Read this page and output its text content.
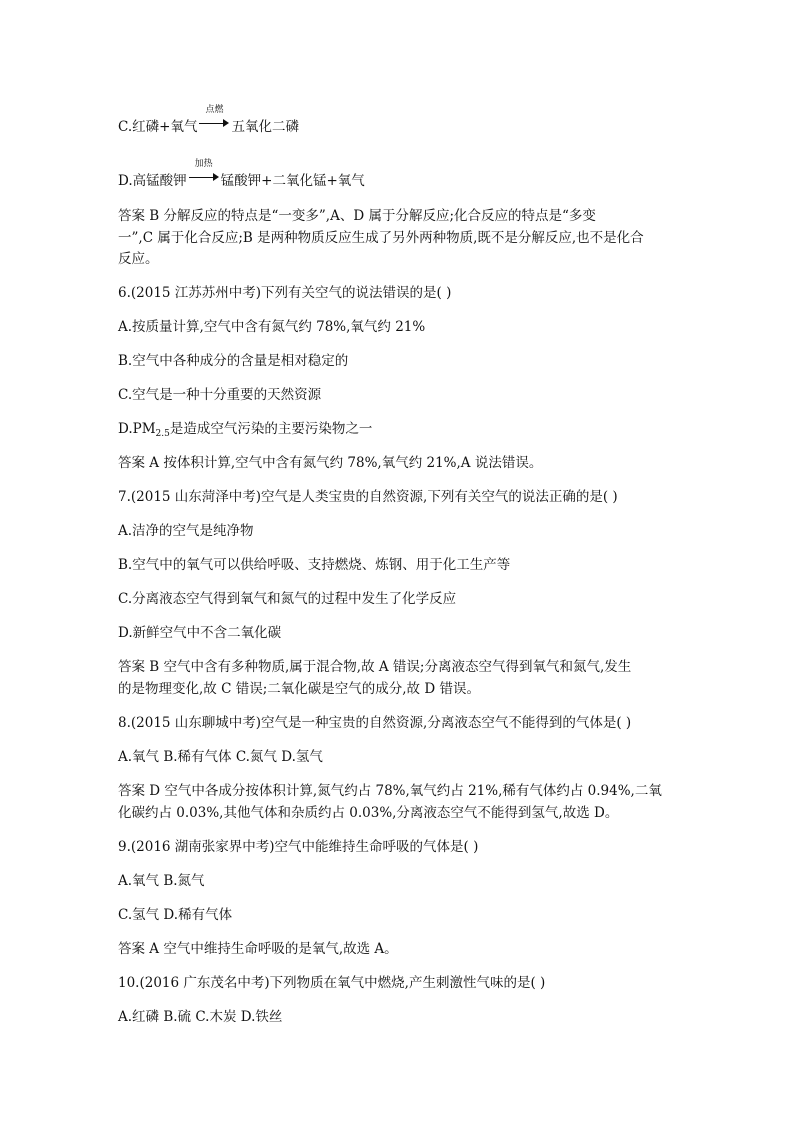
C.红磷+氧气
点燃
五氧化二磷
D.高锰酸钾
加热
锰酸钾+二氧化锰+氧气
答案 B 分解反应的特点是“一变多”,A、D 属于分解反应;化合反应的特点是“多变
一”,C 属于化合反应;B 是两种物质反应生成了另外两种物质,既不是分解反应,也不是化合
反应。
6.(2015 江苏苏州中考)下列有关空气的说法错误的是( )
A.按质量计算,空气中含有氮气约 78%,氧气约 21%
B.空气中各种成分的含量是相对稳定的
C.空气是一种十分重要的天然资源
$D.PM_{2.5}$是造成空气污染的主要污染物之一
答案 A 按体积计算,空气中含有氮气约 78%,氧气约 21%,A 说法错误。
7.(2015 山东菏泽中考)空气是人类宝贵的自然资源,下列有关空气的说法正确的是( )
A.洁净的空气是纯净物
B.空气中的氧气可以供给呼吸、支持燃烧、炼钢、用于化工生产等
C.分离液态空气得到氧气和氮气的过程中发生了化学反应
D.新鲜空气中不含二氧化碳
答案 B 空气中含有多种物质,属于混合物,故 A 错误;分离液态空气得到氧气和氮气,发生
的是物理变化,故 C 错误;二氧化碳是空气的成分,故 D 错误。
8.(2015 山东聊城中考)空气是一种宝贵的自然资源,分离液态空气不能得到的气体是( )
A.氧气 B.稀有气体 C.氮气 D.氢气
答案 D 空气中各成分按体积计算,氮气约占 78%,氧气约占 21%,稀有气体约占 0.94%,二氧
化碳约占 0.03%,其他气体和杂质约占 0.03%,分离液态空气不能得到氢气,故选 D。
9.(2016 湖南张家界中考)空气中能维持生命呼吸的气体是( )
A.氧气 B.氮气
C.氢气 D.稀有气体
答案 A 空气中维持生命呼吸的是氧气,故选 A。
10.(2016 广东茂名中考)下列物质在氧气中燃烧,产生刺激性气味的是( )
A.红磷 B.硫 C.木炭 D.铁丝
